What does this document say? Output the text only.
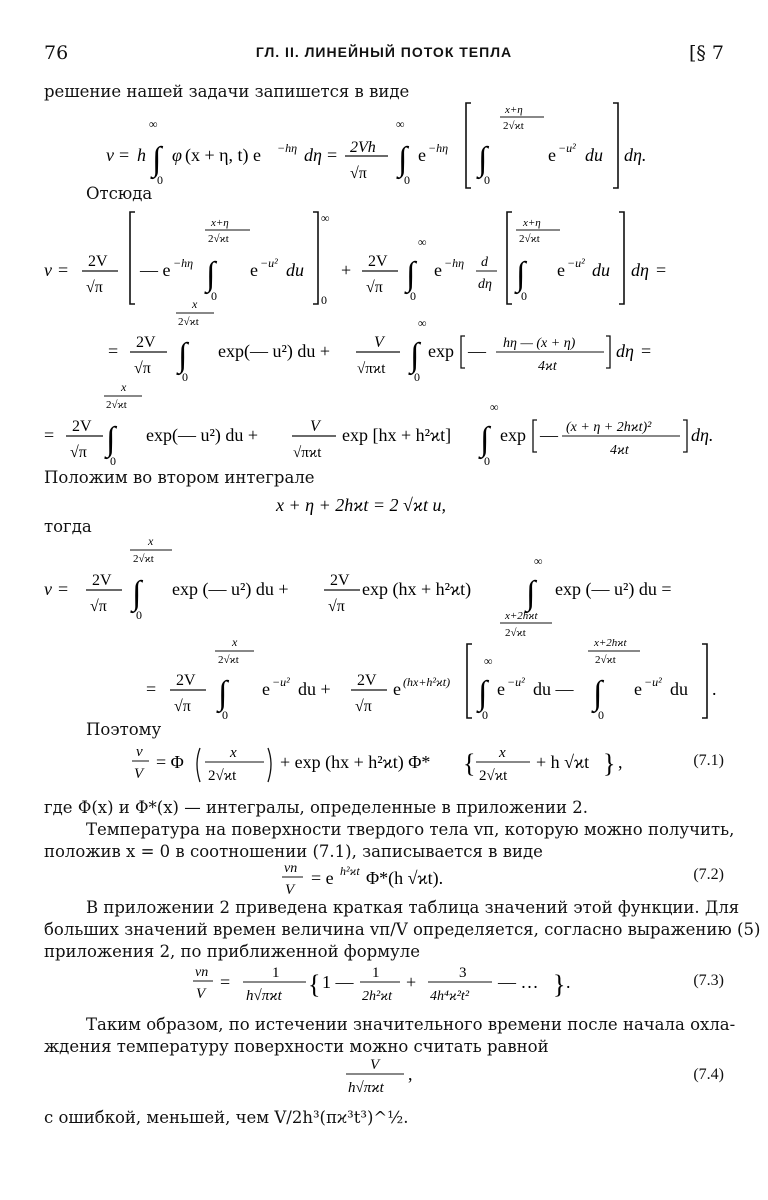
76	ГЛ. II. ЛИНЕЙНЫЙ ПОТОК ТЕПЛА	[§ 7
решение нашей задачи запишется в виде
v = h ∫
∞
0
φ (x + η, t) e −hη dη = 2Vh
√π ∫
∞
0
e −hη
x+η
2√ϰt
∫
0
e −u² du dη.
Отсюда
v = 2V
√π
— e −hη
x+η
2√ϰt
∫
0
e −u² du
∞
0
+ 2V
√π ∫
∞
0
e −hη d
dη
x+η
2√ϰt
∫
0
e −u² du dη =
= 2V
√π
x
2√ϰt
∫
0
exp(— u²) du +	V
√πϰt ∫
∞
0
exp — hη — (x + η)
4ϰt
dη =
= 2V
√π
x
2√ϰt
∫
0
exp(— u²) du +	V
√πϰt
exp [hx + h²ϰt] ∫
∞
0
exp — (x + η + 2hϰt)²
4ϰt
dη.
Положим во втором интеграле
x + η + 2hϰt = 2 √ϰt u,
тогда
v = 2V
√π
x
2√ϰt
∫
0
exp (— u²) du +	2V
√π
exp (hx + h²ϰt) ∫
∞
x+2hϰt
2√ϰt
exp (— u²) du =
= 2V
√π
x
2√ϰt
∫
0
e −u² du + 2V
√π
e (hx+h²ϰt) ∫
∞
0
e −u² du —
x+2hϰt
2√ϰt
∫
0
e −u² du .
Поэтому
v
V
= Φ	x
2√ϰt
+ exp (hx + h²ϰt) Φ* { x
2√ϰt
+ h √ϰt } ,	(7.1)
где Φ(x) и Φ*(x) — интегралы, определенные в приложении 2.
Температура на поверхности твердого тела vп, которую можно получить,
положив x = 0 в соотношении (7.1), записывается в виде
vп
V
= e h²ϰt Φ*(h √ϰt).	(7.2)
В приложении 2 приведена краткая таблица значений этой функции. Для
больших значений времен величина vп/V определяется, согласно выражению (5)
приложения 2, по приближенной формуле
vп
V
=	1
h√πϰt { 1 — 1
2h²ϰt
+	3
4h⁴ϰ²t²
— … } .	(7.3)
Таким образом, по истечении значительного времени после начала охла-
ждения температуру поверхности можно считать равной
V
h√πϰt
,	(7.4)
с ошибкой, меньшей, чем V/2h³(πϰ³t³)^½.
